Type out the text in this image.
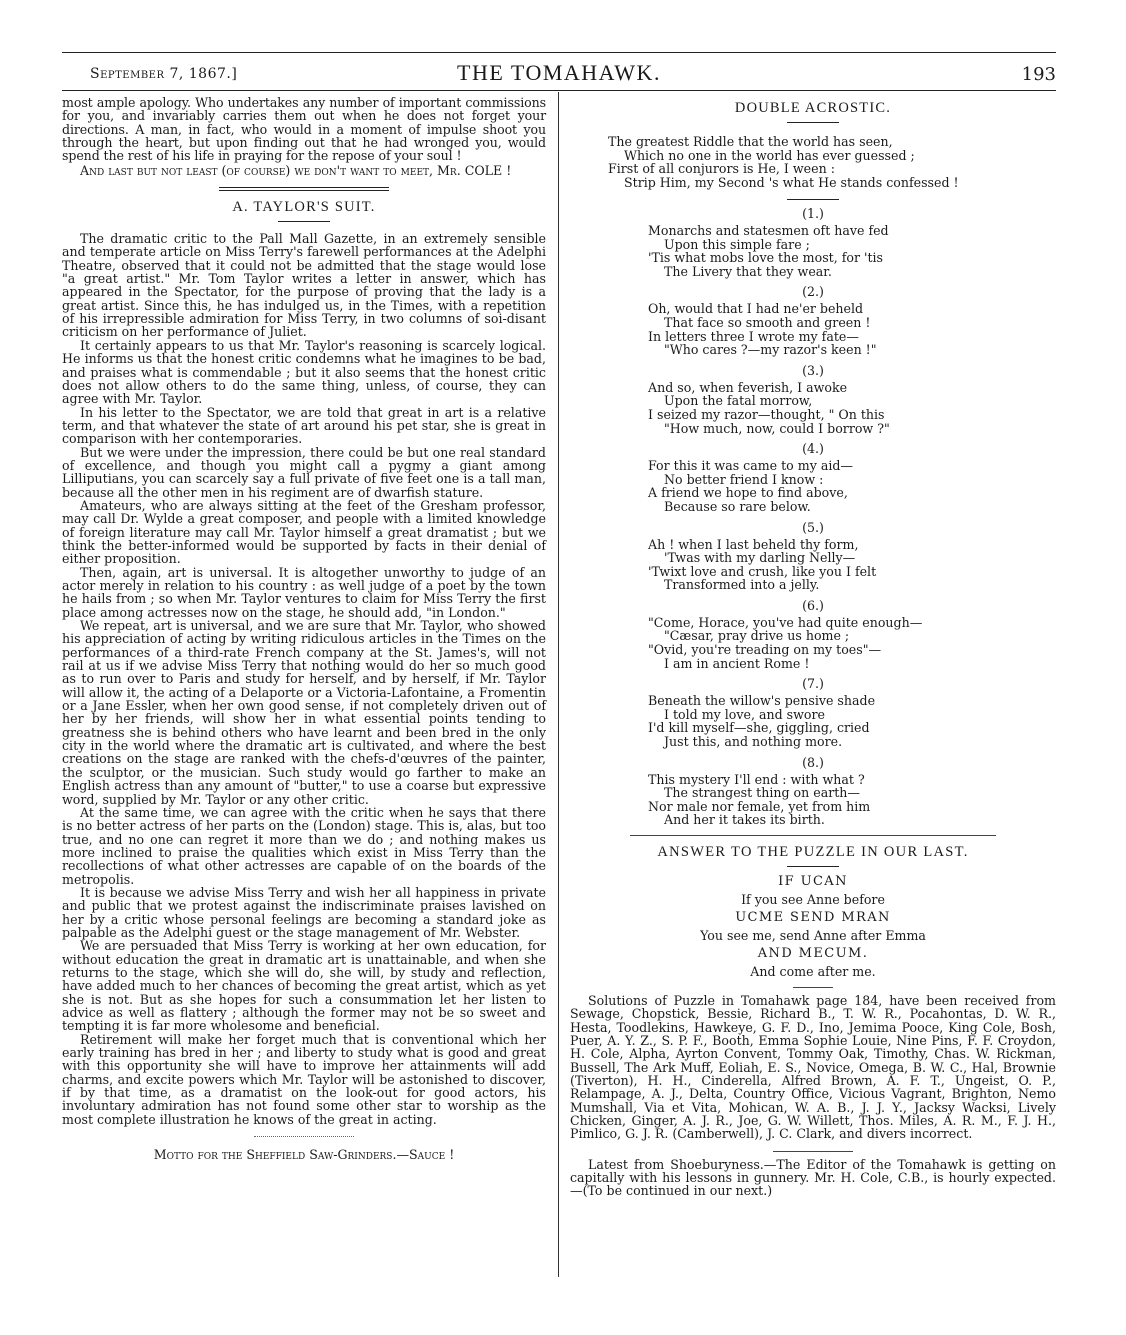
September 7, 1867.]	THE TOMAHAWK.	193

most ample apology. Who undertakes any number of important commissions for you, and invariably carries them out when he does not forget your directions. A man, in fact, who would in a moment of impulse shoot you through the heart, but upon finding out that he had wronged you, would spend the rest of his life in praying for the repose of your soul !

And last but not least (of course) we don't want to meet, Mr. COLE !

A. TAYLOR'S SUIT.

The dramatic critic to the Pall Mall Gazette, in an extremely sensible and temperate article on Miss Terry's farewell performances at the Adelphi Theatre, observed that it could not be admitted that the stage would lose "a great artist." Mr. Tom Taylor writes a letter in answer, which has appeared in the Spectator, for the purpose of proving that the lady is a great artist. Since this, he has indulged us, in the Times, with a repetition of his irrepressible admiration for Miss Terry, in two columns of soi-disant criticism on her performance of Juliet.

It certainly appears to us that Mr. Taylor's reasoning is scarcely logical. He informs us that the honest critic condemns what he imagines to be bad, and praises what is commendable ; but it also seems that the honest critic does not allow others to do the same thing, unless, of course, they can agree with Mr. Taylor.

In his letter to the Spectator, we are told that great in art is a relative term, and that whatever the state of art around his pet star, she is great in comparison with her contemporaries.

But we were under the impression, there could be but one real standard of excellence, and though you might call a pygmy a giant among Lilliputians, you can scarcely say a full private of five feet one is a tall man, because all the other men in his regiment are of dwarfish stature.

Amateurs, who are always sitting at the feet of the Gresham professor, may call Dr. Wylde a great composer, and people with a limited knowledge of foreign literature may call Mr. Taylor himself a great dramatist ; but we think the better-informed would be supported by facts in their denial of either proposition.

Then, again, art is universal. It is altogether unworthy to judge of an actor merely in relation to his country : as well judge of a poet by the town he hails from ; so when Mr. Taylor ventures to claim for Miss Terry the first place among actresses now on the stage, he should add, "in London."

We repeat, art is universal, and we are sure that Mr. Taylor, who showed his appreciation of acting by writing ridiculous articles in the Times on the performances of a third-rate French company at the St. James's, will not rail at us if we advise Miss Terry that nothing would do her so much good as to run over to Paris and study for herself, and by herself, if Mr. Taylor will allow it, the acting of a Delaporte or a Victoria-Lafontaine, a Fromentin or a Jane Essler, when her own good sense, if not completely driven out of her by her friends, will show her in what essential points tending to greatness she is behind others who have learnt and been bred in the only city in the world where the dramatic art is cultivated, and where the best creations on the stage are ranked with the chefs-d'œuvres of the painter, the sculptor, or the musician. Such study would go farther to make an English actress than any amount of "butter," to use a coarse but expressive word, supplied by Mr. Taylor or any other critic.

At the same time, we can agree with the critic when he says that there is no better actress of her parts on the (London) stage. This is, alas, but too true, and no one can regret it more than we do ; and nothing makes us more inclined to praise the qualities which exist in Miss Terry than the recollections of what other actresses are capable of on the boards of the metropolis.

It is because we advise Miss Terry and wish her all happiness in private and public that we protest against the indiscriminate praises lavished on her by a critic whose personal feelings are becoming a standard joke as palpable as the Adelphi guest or the stage management of Mr. Webster.

We are persuaded that Miss Terry is working at her own education, for without education the great in dramatic art is unattainable, and when she returns to the stage, which she will do, she will, by study and reflection, have added much to her chances of becoming the great artist, which as yet she is not. But as she hopes for such a consummation let her listen to advice as well as flattery ; although the former may not be so sweet and tempting it is far more wholesome and beneficial.

Retirement will make her forget much that is conventional which her early training has bred in her ; and liberty to study what is good and great with this opportunity she will have to improve her attainments will add charms, and excite powers which Mr. Taylor will be astonished to discover, if by that time, as a dramatist on the look-out for good actors, his involuntary admiration has not found some other star to worship as the most complete illustration he knows of the great in acting.

Motto for the Sheffield Saw-Grinders.—Sauce !
DOUBLE ACROSTIC.
The greatest Riddle that the world has seen,
Which no one in the world has ever guessed ;
First of all conjurors is He, I ween :
Strip Him, my Second 's what He stands confessed !
(1.)
Monarchs and statesmen oft have fed
Upon this simple fare ;
'Tis what mobs love the most, for 'tis
The Livery that they wear.
(2.)
Oh, would that I had ne'er beheld
That face so smooth and green !
In letters three I wrote my fate—
"Who cares ?—my razor's keen !"
(3.)
And so, when feverish, I awoke
Upon the fatal morrow,
I seized my razor—thought, " On this
"How much, now, could I borrow ?"
(4.)
For this it was came to my aid—
No better friend I know :
A friend we hope to find above,
Because so rare below.
(5.)
Ah ! when I last beheld thy form,
'Twas with my darling Nelly—
'Twixt love and crush, like you I felt
Transformed into a jelly.
(6.)
"Come, Horace, you've had quite enough—
"Cæsar, pray drive us home ;
"Ovid, you're treading on my toes"—
I am in ancient Rome !
(7.)
Beneath the willow's pensive shade
I told my love, and swore
I'd kill myself—she, giggling, cried
Just this, and nothing more.
(8.)
This mystery I'll end : with what ?
The strangest thing on earth—
Nor male nor female, yet from him
And her it takes its birth.
ANSWER TO THE PUZZLE IN OUR LAST.
IF UCAN
If you see Anne before
UCME SEND MRAN
You see me, send Anne after Emma
AND MECUM.
And come after me.

Solutions of Puzzle in Tomahawk page 184, have been received from Sewage, Chopstick, Bessie, Richard B., T. W. R., Pocahontas, D. W. R., Hesta, Toodlekins, Hawkeye, G. F. D., Ino, Jemima Pooce, King Cole, Bosh, Puer, A. Y. Z., S. P. F., Booth, Emma Sophie Louie, Nine Pins, F. F. Croydon, H. Cole, Alpha, Ayrton Convent, Tommy Oak, Timothy, Chas. W. Rickman, Bussell, The Ark Muff, Eoliah, E. S., Novice, Omega, B. W. C., Hal, Brownie (Tiverton), H. H., Cinderella, Alfred Brown, A. F. T., Ungeist, O. P., Relampage, A. J., Delta, Country Office, Vicious Vagrant, Brighton, Nemo Mumshall, Via et Vita, Mohican, W. A. B., J. J. Y., Jacksy Wacksi, Lively Chicken, Ginger, A. J. R., Joe, G. W. Willett, Thos. Miles, A. R. M., F. J. H., Pimlico, G. J. R. (Camberwell), J. C. Clark, and divers incorrect.

Latest from Shoeburyness.—The Editor of the Tomahawk is getting on capitally with his lessons in gunnery. Mr. H. Cole, C.B., is hourly expected.—(To be continued in our next.)
